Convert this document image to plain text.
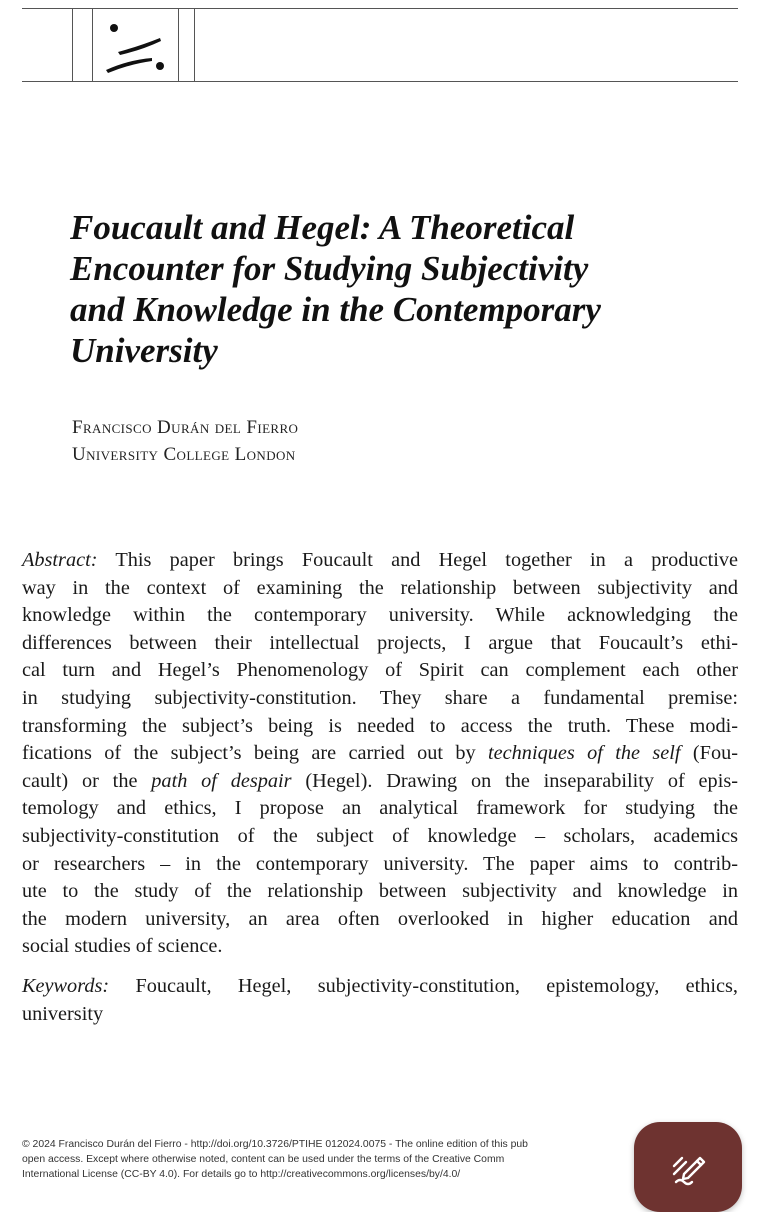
Foucault and Hegel: A Theoretical
Encounter for Studying Subjectivity
and Knowledge in the Contemporary
University
Francisco Durán del Fierro
University College London
Abstract: This paper brings Foucault and Hegel together in a productive
way in the context of examining the relationship between subjectivity and
knowledge within the contemporary university. While acknowledging the
differences between their intellectual projects, I argue that Foucault’s ethi-
cal turn and Hegel’s Phenomenology of Spirit can complement each other
in studying subjectivity-constitution. They share a fundamental premise:
transforming the subject’s being is needed to access the truth. These modi-
fications of the subject’s being are carried out by techniques of the self (Fou-
cault) or the path of despair (Hegel). Drawing on the inseparability of epis-
temology and ethics, I propose an analytical framework for studying the
subjectivity-constitution of the subject of knowledge – scholars, academics
or researchers – in the contemporary university. The paper aims to contrib-
ute to the study of the relationship between subjectivity and knowledge in
the modern university, an area often overlooked in higher education and
social studies of science.
Keywords: Foucault, Hegel, subjectivity-constitution, epistemology, ethics,
university
© 2024 Francisco Durán del Fierro - http://doi.org/10.3726/PTIHE 012024.0075 - The online edition of this pub
open access. Except where otherwise noted, content can be used under the terms of the Creative Comm
International License (CC-BY 4.0). For details go to http://creativecommons.org/licenses/by/4.0/
